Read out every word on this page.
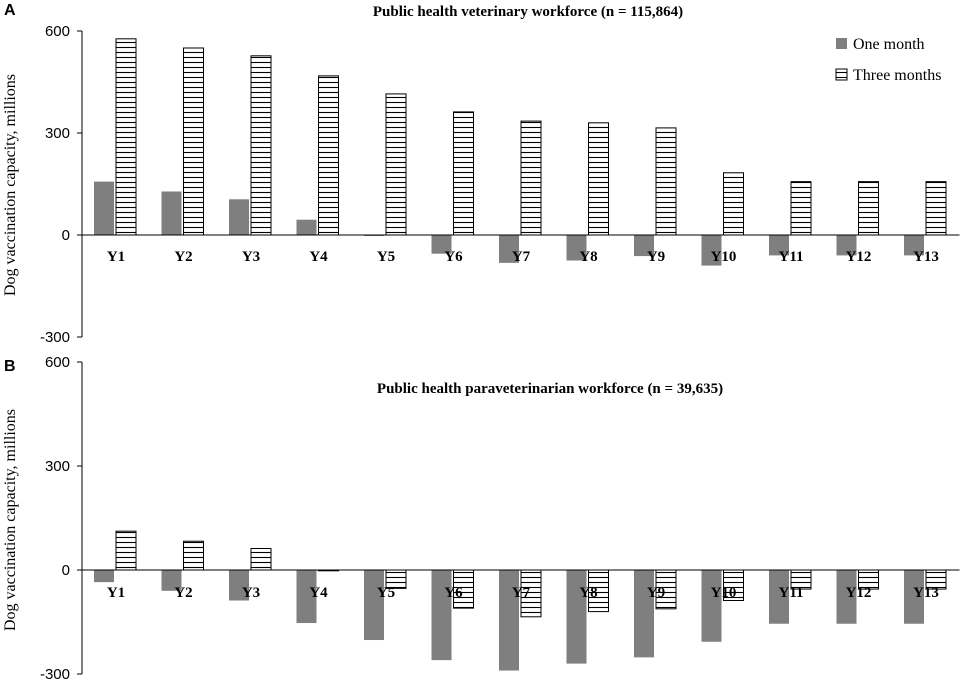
A	Public health veterinary workforce (n = 115,864)
Dog vaccination capacity, millions
B
Public health paraveterinarian workforce (n = 39,635)
Dog vaccination capacity, millions
One month
Three months
-300
0
300
600
Y1	Y2	Y3	Y4	Y5	Y6	Y7	Y8	Y9	Y10	Y11	Y12	Y13
-300
0
300
600
Y1	Y2	Y3	Y4	Y5	Y6	Y7	Y8	Y9	Y10	Y11	Y12	Y13
